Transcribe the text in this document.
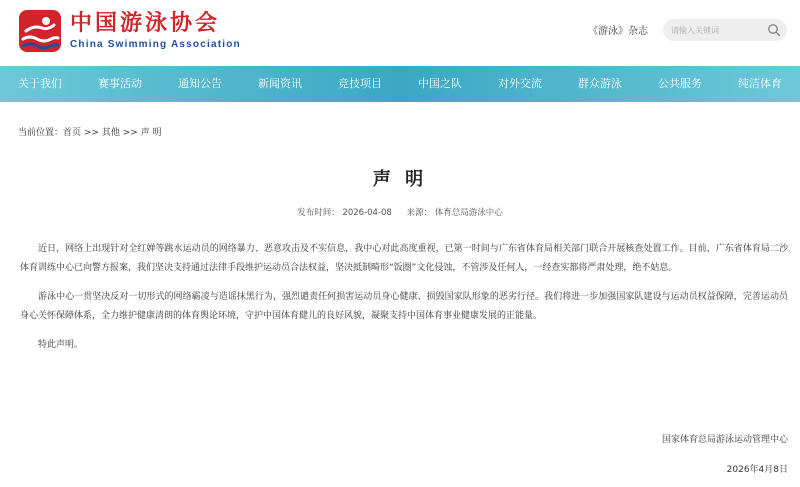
中国游泳协会
China Swimming Association
《游泳》杂志
请输入关键词
关于我们	赛事活动	通知公告	新闻资讯	竞技项目	中国之队	对外交流	群众游泳	公共服务	纯洁体育
当前位置：首页 >> 其他 >> 声 明
声 明
发布时间： 2026-04-08 来源： 体育总局游泳中心

近日，网络上出现针对全红婵等跳水运动员的网络暴力、恶意攻击及不实信息，我中心对此高度重视，已第一时间与广东省体育局相关部门联合开展核查处置工作。目前，广东省体育局二沙体育训练中心已向警方报案，我们坚决支持通过法律手段维护运动员合法权益，坚决抵制畸形“饭圈”文化侵蚀，不管涉及任何人，一经查实都将严肃处理，绝不姑息。

游泳中心一贯坚决反对一切形式的网络霸凌与造谣抹黑行为，强烈谴责任何损害运动员身心健康、损毁国家队形象的恶劣行径。我们将进一步加强国家队建设与运动员权益保障，完善运动员身心关怀保障体系，全力维护健康清朗的体育舆论环境，守护中国体育健儿的良好风貌，凝聚支持中国体育事业健康发展的正能量。

特此声明。

国家体育总局游泳运动管理中心
2026年4月8日
